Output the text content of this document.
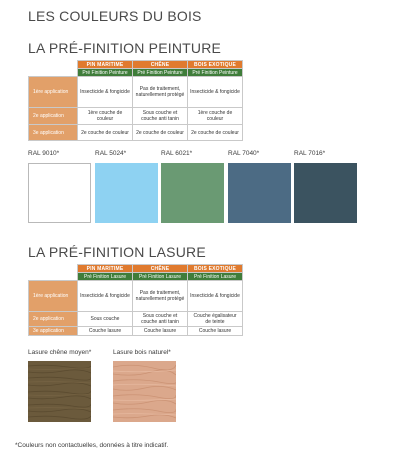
LES COULEURS DU BOIS
LA PRÉ-FINITION PEINTURE
	PIN MARITIME	CHÊNE	BOIS EXOTIQUE
	Pré Finition Peinture	Pré Finition Peinture	Pré Finition Peinture
1ère application	Insecticide & fongicide	Pas de traitement, naturellement protégé	Insecticide & fongicide
2e application	1ère couche de couleur	Sous couche et couche anti tanin	1ère couche de couleur
3e application	2e couche de couleur	2e couche de couleur	2e couche de couleur
RAL 9010*	RAL 5024*	RAL 6021*	RAL 7040*	RAL 7016*
LA PRÉ-FINITION LASURE
	PIN MARITIME	CHÊNE	BOIS EXOTIQUE
	Pré Finition Lasure	Pré Finition Lasure	Pré Finition Lasure
1ère application	Insecticide & fongicide	Pas de traitement, naturellement protégé	Insecticide & fongicide
2e application	Sous couche	Sous couche et couche anti tanin	Couche égalisateur de teinte
3e application	Couche lasure	Couche lasure	Couche lasure
Lasure chêne moyen*	Lasure bois naturel*
*Couleurs non contactuelles, données à titre indicatif.
